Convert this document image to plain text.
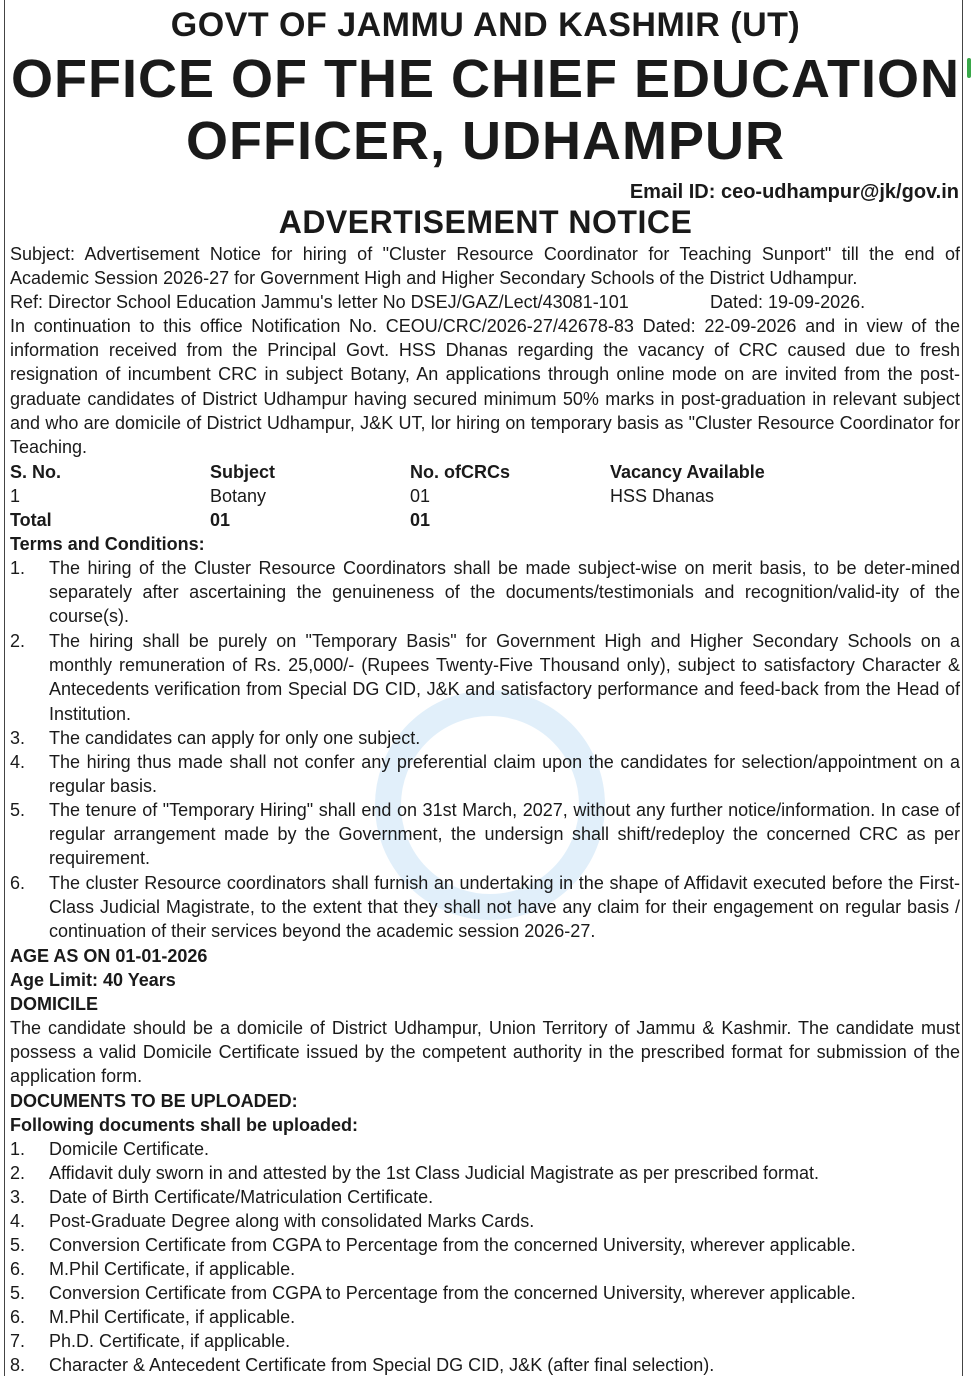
GOVT OF JAMMU AND KASHMIR (UT)
OFFICE OF THE CHIEF EDUCATION
OFFICER, UDHAMPUR
Email ID: ceo-udhampur@jk/gov.in
ADVERTISEMENT NOTICE
Subject: Advertisement Notice for hiring of "Cluster Resource Coordinator for Teaching Sunport" till the end of Academic Session 2026-27 for Government High and Higher Secondary Schools of the District Udhampur.
Ref: Director School Education Jammu's letter No DSEJ/GAZ/Lect/43081-101	Dated: 19-09-2026.
In continuation to this office Notification No. CEOU/CRC/2026-27/42678-83 Dated: 22-09-2026 and in view of the information received from the Principal Govt. HSS Dhanas regarding the vacancy of CRC caused due to fresh resignation of incumbent CRC in subject Botany, An applications through online mode on are invited from the post-graduate candidates of District Udhampur having secured minimum 50% marks in post-graduation in relevant subject and who are domicile of District Udhampur, J&K UT, lor hiring on temporary basis as "Cluster Resource Coordinator for Teaching.
S. No.	Subject	No. ofCRCs	Vacancy Available
1	Botany	01	HSS Dhanas
Total	01	01
Terms and Conditions:
1. The hiring of the Cluster Resource Coordinators shall be made subject-wise on merit basis, to be deter-mined separately after ascertaining the genuineness of the documents/testimonials and recognition/valid-ity of the course(s).
2. The hiring shall be purely on "Temporary Basis" for Government High and Higher Secondary Schools on a monthly remuneration of Rs. 25,000/- (Rupees Twenty-Five Thousand only), subject to satisfactory Character & Antecedents verification from Special DG CID, J&K and satisfactory performance and feed-back from the Head of Institution.
3. The candidates can apply for only one subject.
4. The hiring thus made shall not confer any preferential claim upon the candidates for selection/appointment on a regular basis.
5. The tenure of "Temporary Hiring" shall end on 31st March, 2027, without any further notice/information. In case of regular arrangement made by the Government, the undersign shall shift/redeploy the concerned CRC as per requirement.
6. The cluster Resource coordinators shall furnish an undertaking in the shape of Affidavit executed before the First-Class Judicial Magistrate, to the extent that they shall not have any claim for their engagement on regular basis / continuation of their services beyond the academic session 2026-27.
AGE AS ON 01-01-2026
Age Limit: 40 Years
DOMICILE
The candidate should be a domicile of District Udhampur, Union Territory of Jammu & Kashmir. The candidate must possess a valid Domicile Certificate issued by the competent authority in the prescribed format for submission of the application form.
DOCUMENTS TO BE UPLOADED:
Following documents shall be uploaded:
1. Domicile Certificate.
2. Affidavit duly sworn in and attested by the 1st Class Judicial Magistrate as per prescribed format.
3. Date of Birth Certificate/Matriculation Certificate.
4. Post-Graduate Degree along with consolidated Marks Cards.
5. Conversion Certificate from CGPA to Percentage from the concerned University, wherever applicable.
6. M.Phil Certificate, if applicable.
5. Conversion Certificate from CGPA to Percentage from the concerned University, wherever applicable.
6. M.Phil Certificate, if applicable.
7. Ph.D. Certificate, if applicable.
8. Character & Antecedent Certificate from Special DG CID, J&K (after final selection).
